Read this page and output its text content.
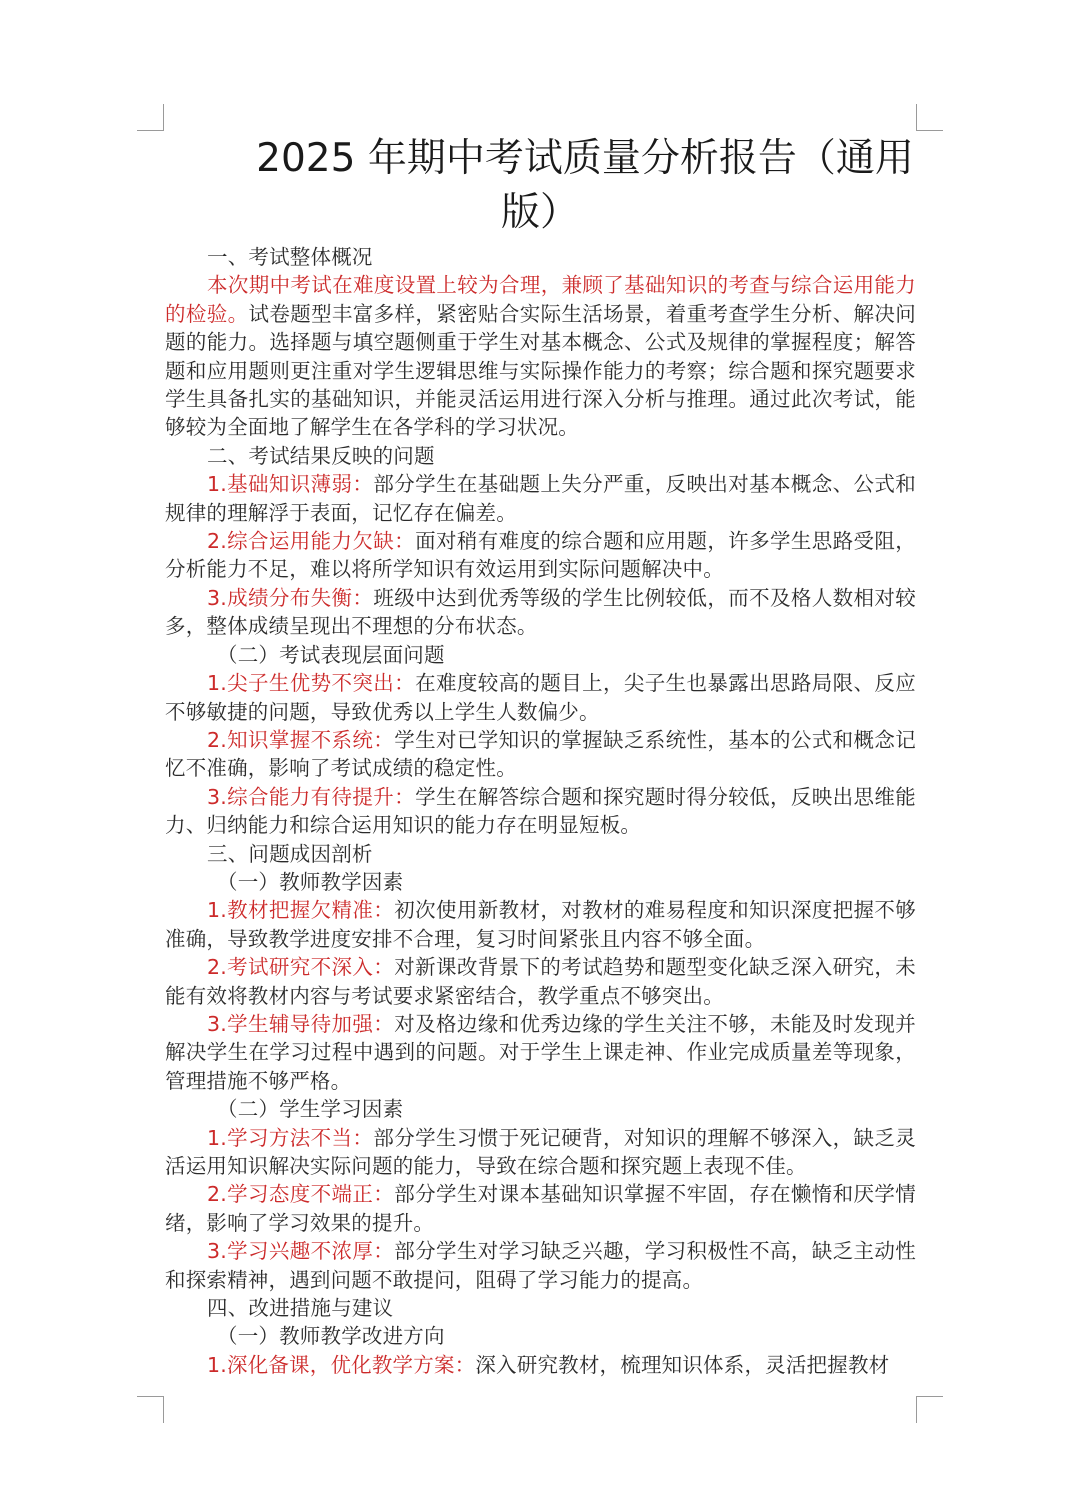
2025 年期中考试质量分析报告（通用版）

一、考试整体概况

本次期中考试在难度设置上较为合理，兼顾了基础知识的考查与综合运用能力的检验。试卷题型丰富多样，紧密贴合实际生活场景，着重考查学生分析、解决问题的能力。选择题与填空题侧重于学生对基本概念、公式及规律的掌握程度；解答题和应用题则更注重对学生逻辑思维与实际操作能力的考察；综合题和探究题要求学生具备扎实的基础知识，并能灵活运用进行深入分析与推理。通过此次考试，能够较为全面地了解学生在各学科的学习状况。

二、考试结果反映的问题

1.基础知识薄弱：部分学生在基础题上失分严重，反映出对基本概念、公式和规律的理解浮于表面，记忆存在偏差。

2.综合运用能力欠缺：面对稍有难度的综合题和应用题，许多学生思路受阻，分析能力不足，难以将所学知识有效运用到实际问题解决中。

3.成绩分布失衡：班级中达到优秀等级的学生比例较低，而不及格人数相对较多，整体成绩呈现出不理想的分布状态。

（二）考试表现层面问题

1.尖子生优势不突出：在难度较高的题目上，尖子生也暴露出思路局限、反应不够敏捷的问题，导致优秀以上学生人数偏少。

2.知识掌握不系统：学生对已学知识的掌握缺乏系统性，基本的公式和概念记忆不准确，影响了考试成绩的稳定性。

3.综合能力有待提升：学生在解答综合题和探究题时得分较低，反映出思维能力、归纳能力和综合运用知识的能力存在明显短板。

三、问题成因剖析

（一）教师教学因素

1.教材把握欠精准：初次使用新教材，对教材的难易程度和知识深度把握不够准确，导致教学进度安排不合理，复习时间紧张且内容不够全面。

2.考试研究不深入：对新课改背景下的考试趋势和题型变化缺乏深入研究，未能有效将教材内容与考试要求紧密结合，教学重点不够突出。

3.学生辅导待加强：对及格边缘和优秀边缘的学生关注不够，未能及时发现并解决学生在学习过程中遇到的问题。对于学生上课走神、作业完成质量差等现象，管理措施不够严格。

（二）学生学习因素

1.学习方法不当：部分学生习惯于死记硬背，对知识的理解不够深入，缺乏灵活运用知识解决实际问题的能力，导致在综合题和探究题上表现不佳。

2.学习态度不端正：部分学生对课本基础知识掌握不牢固，存在懒惰和厌学情绪，影响了学习效果的提升。

3.学习兴趣不浓厚：部分学生对学习缺乏兴趣，学习积极性不高，缺乏主动性和探索精神，遇到问题不敢提问，阻碍了学习能力的提高。

四、改进措施与建议

（一）教师教学改进方向

1.深化备课，优化教学方案：深入研究教材，梳理知识体系，灵活把握教材
